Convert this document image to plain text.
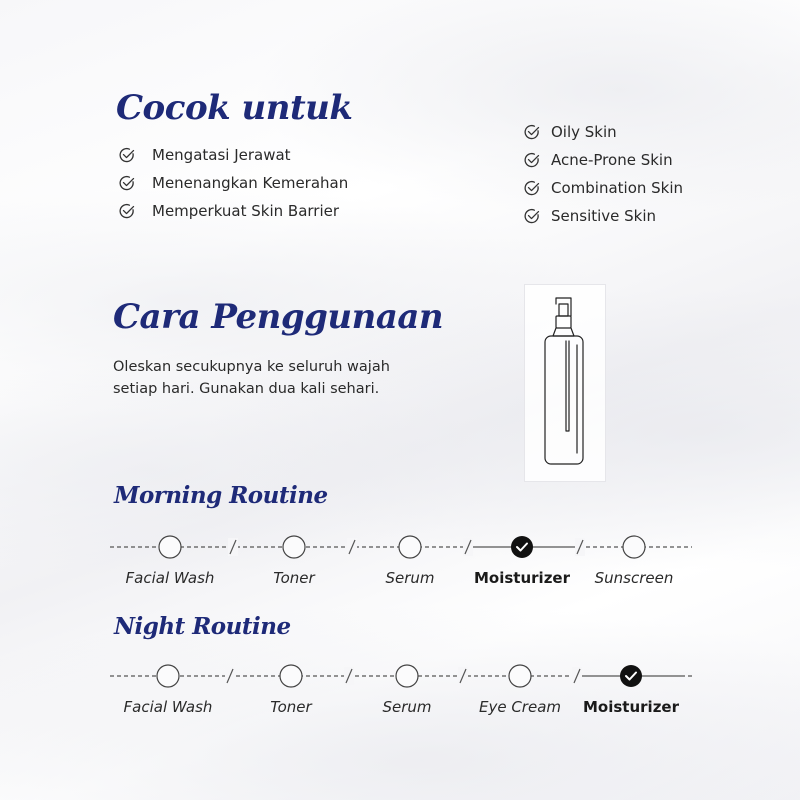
Cocok untuk
Mengatasi Jerawat
Menenangkan Kemerahan
Memperkuat Skin Barrier
Oily Skin
Acne-Prone Skin
Combination Skin
Sensitive Skin
Cara Penggunaan

Oleskan secukupnya ke seluruh wajah
setiap hari. Gunakan dua kali sehari.

Morning Routine
Facial Wash	Toner	Serum	Moisturizer	Sunscreen
Night Routine
Facial Wash	Toner	Serum	Eye Cream	Moisturizer
